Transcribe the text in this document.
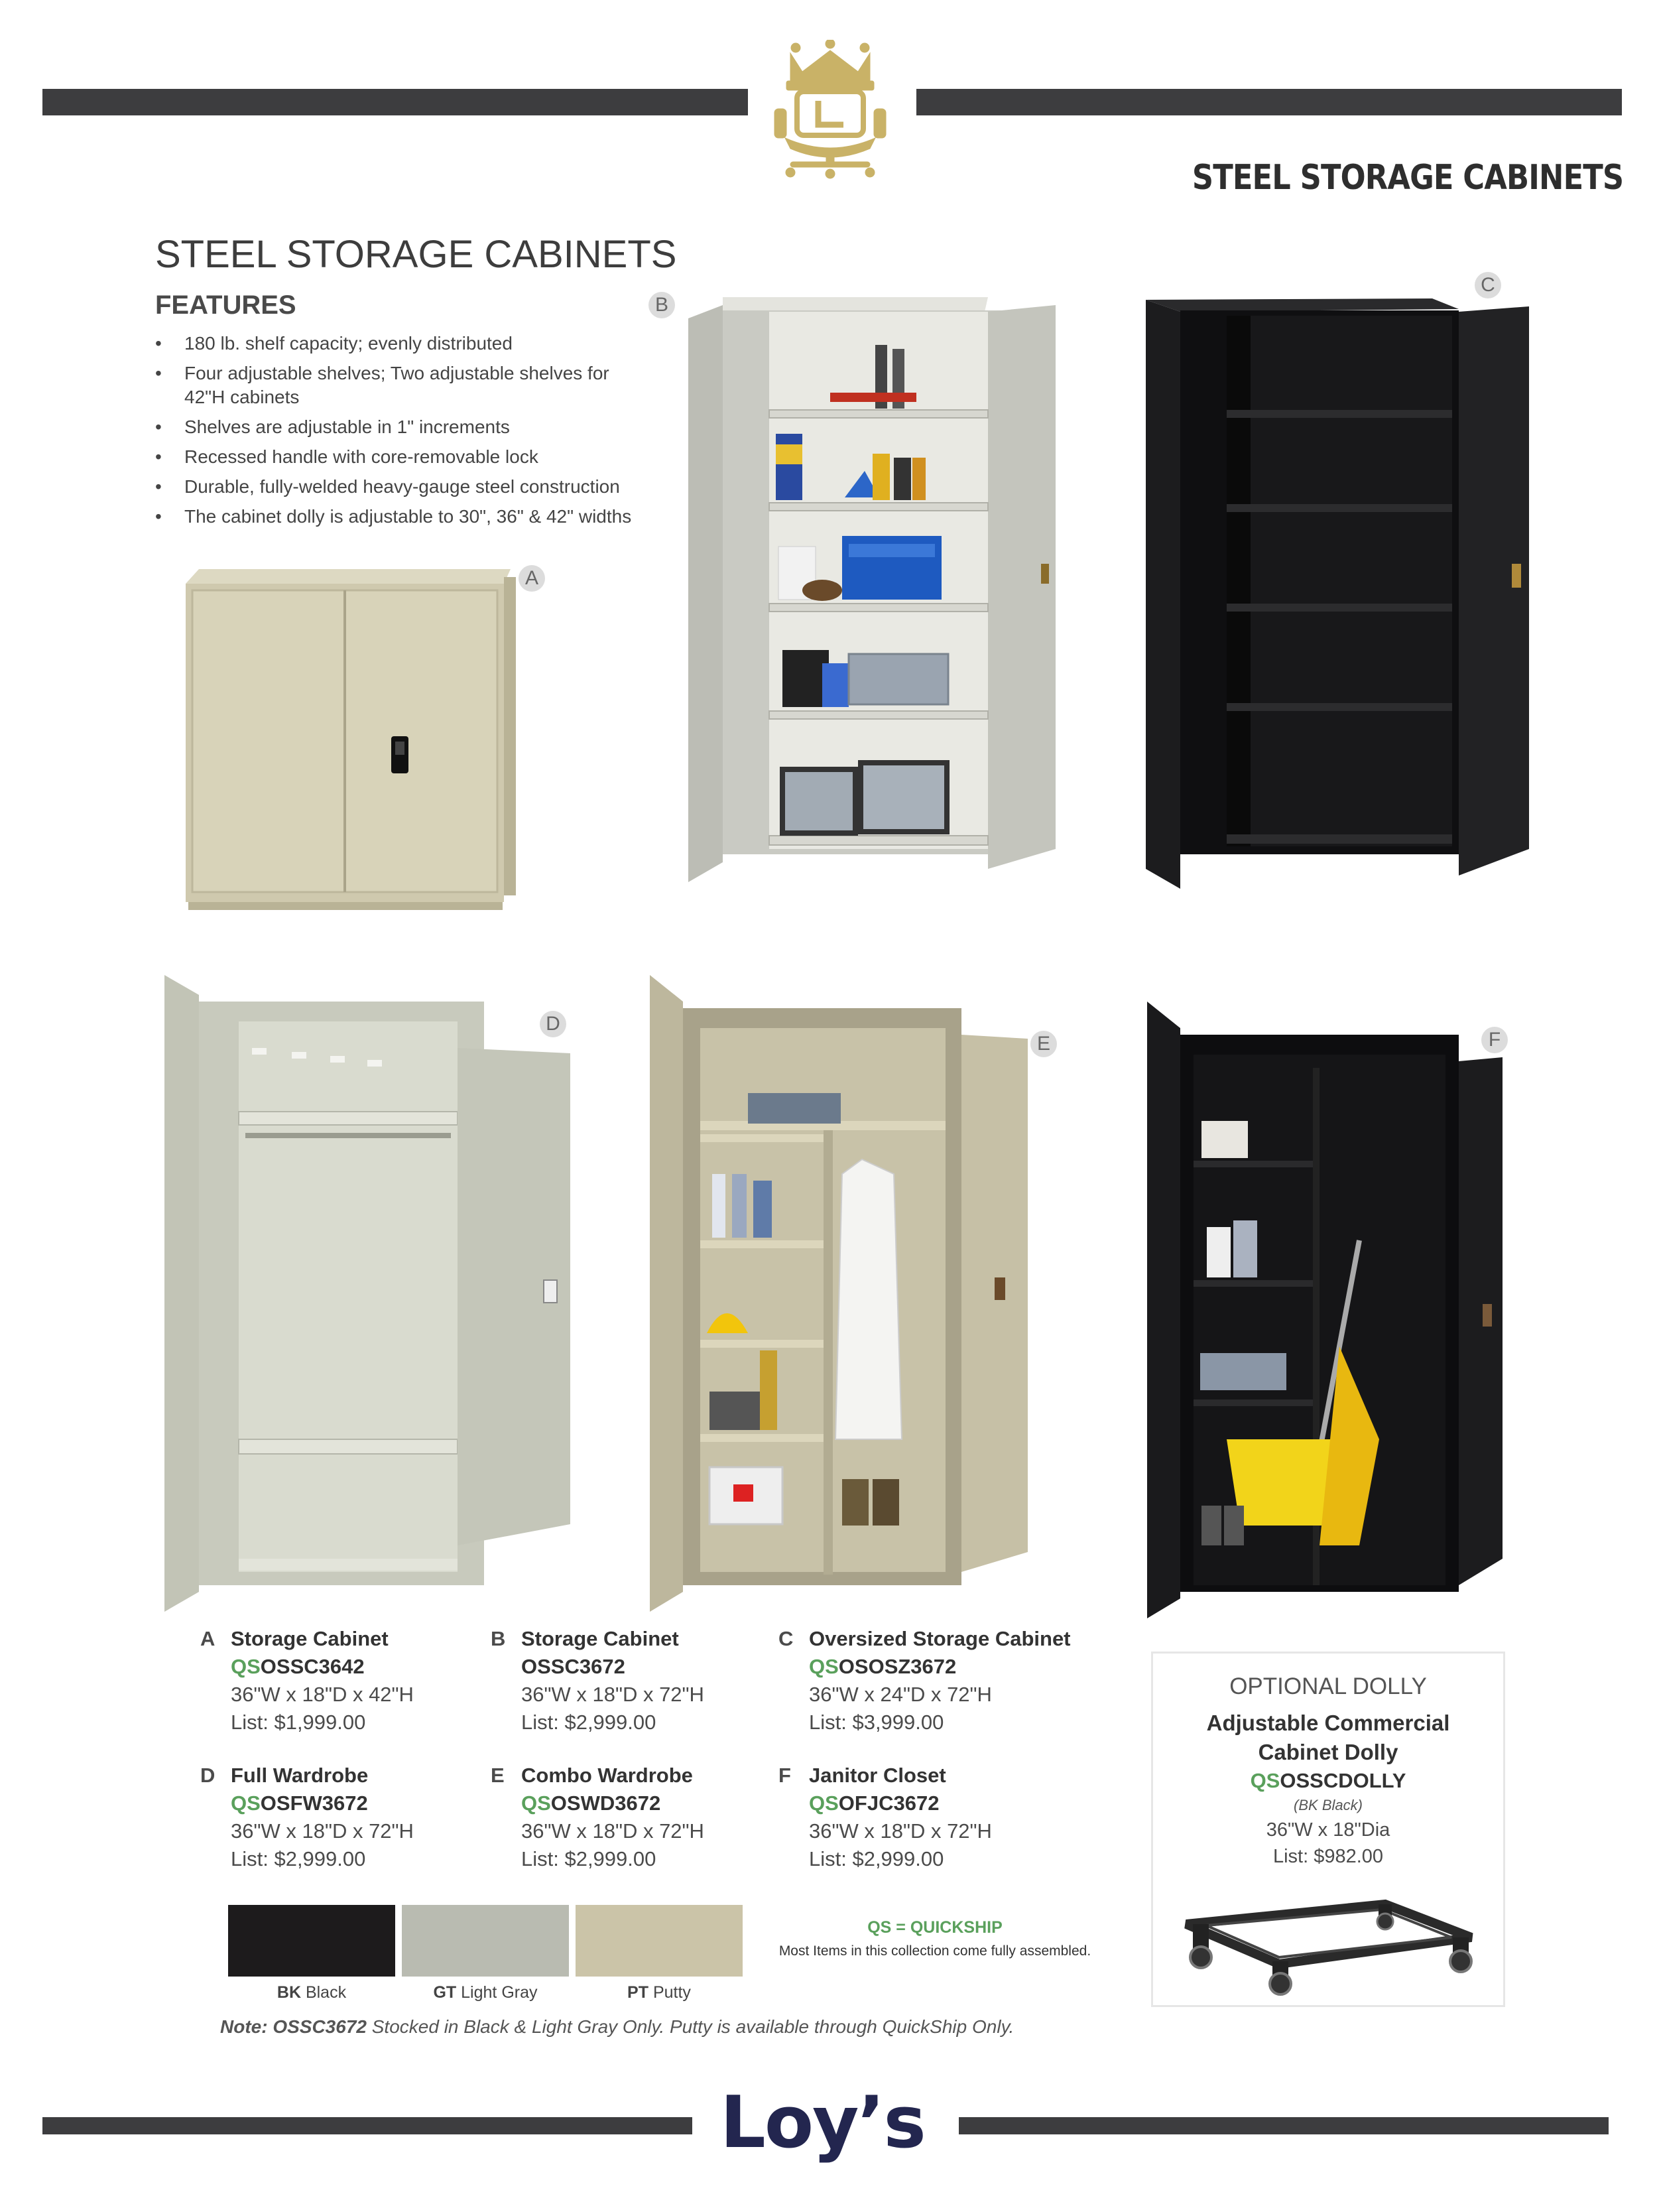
STEEL STORAGE CABINETS
STEEL STORAGE CABINETS
FEATURES
• 180 lb. shelf capacity; evenly distributed
• Four adjustable shelves; Two adjustable shelves for 42"H cabinets
• Shelves are adjustable in 1" increments
• Recessed handle with core-removable lock
• Durable, fully-welded heavy-gauge steel construction
• The cabinet dolly is adjustable to 30", 36" & 42" widths
A
B
C
D
E	F
A Storage Cabinet
QSOSSC3642
36"W x 18"D x 42"H
List: $1,999.00
B Storage Cabinet
OSSC3672
36"W x 18"D x 72"H
List: $2,999.00
C Oversized Storage Cabinet
QSOSOSZ3672
36"W x 24"D x 72"H
List: $3,999.00
D Full Wardrobe
QSOSFW3672
36"W x 18"D x 72"H
List: $2,999.00
E Combo Wardrobe
QSOSWD3672
36"W x 18"D x 72"H
List: $2,999.00
F Janitor Closet
QSOFJC3672
36"W x 18"D x 72"H
List: $2,999.00
BK Black	GT Light Gray	PT Putty
QS = QUICKSHIP
Most Items in this collection come fully assembled.
Note: OSSC3672 Stocked in Black & Light Gray Only. Putty is available through QuickShip Only.
OPTIONAL DOLLY
Adjustable Commercial
Cabinet Dolly
QSOSSCDOLLY
(BK Black)
36"W x 18"Dia
List: $982.00
Loy’s
